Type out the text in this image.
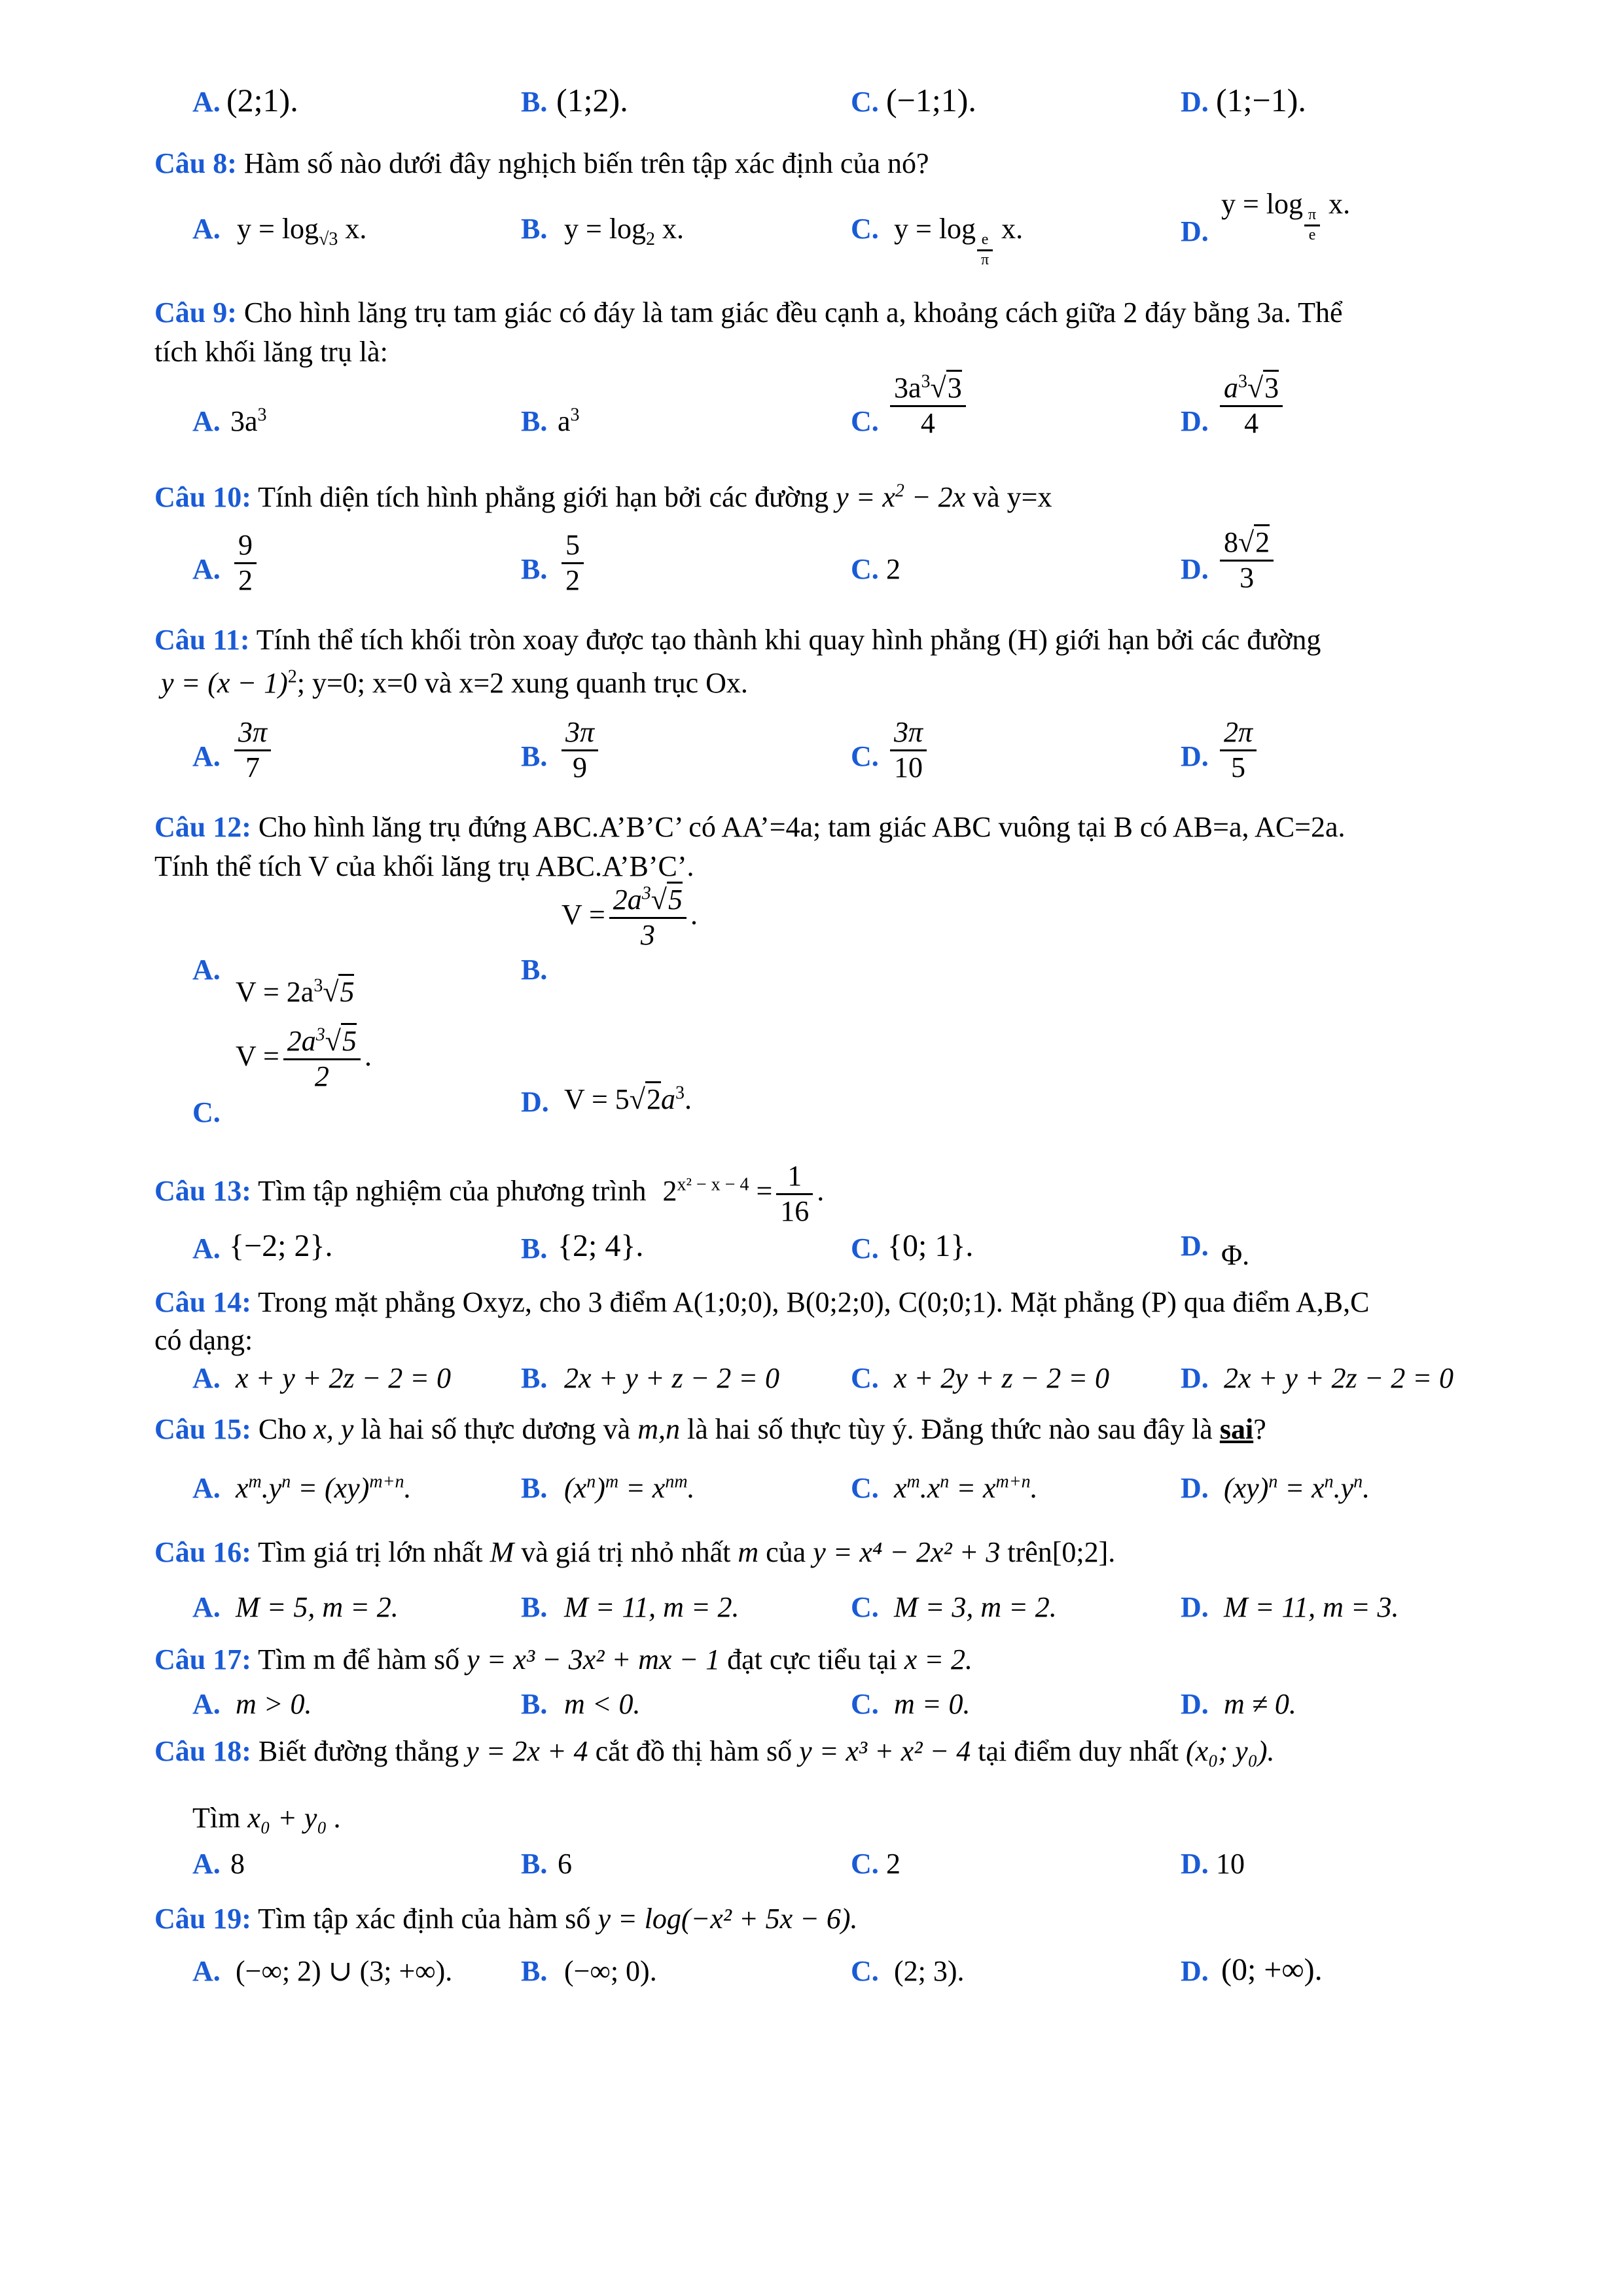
A. (2;1).	B. (1;2).	C. (−1;1).	D. (1;−1).
Câu 8: Hàm số nào dưới đây nghịch biến trên tập xác định của nó?
A. $y = \log_{√3} x$.	B. $y = \log_2 x$.	C. y = log
$\frac{e}{\pi}$
x.	D.
y = log
$\frac{\pi}{e}$
x.
Câu 9: Cho hình lăng trụ tam giác có đáy là tam giác đều cạnh a, khoảng cách giữa 2 đáy bằng 3a. Thể
tích khối lăng trụ là:
A. $3a^3$	B. $a^3$	C. $\frac{3a^3√3}{4}$	D. $\frac{a^3√3}{4}$
Câu 10: Tính diện tích hình phẳng giới hạn bởi các đường $y = x^2 - 2x$ và y=x
A. $\frac{9}{2}$	B. $\frac{5}{2}$	C. 2	D. $\frac{8√2}{3}$
Câu 11: Tính thể tích khối tròn xoay được tạo thành khi quay hình phẳng (H) giới hạn bởi các đường
$y = (x - 1)^2$; y=0; x=0 và x=2 xung quanh trục Ox.
A. $\frac{3\pi}{7}$	B. $\frac{3\pi}{9}$	C. $\frac{3\pi}{10}$	D. $\frac{2\pi}{5}$
Câu 12: Cho hình lăng trụ đứng ABC.A’B’C’ có AA’=4a; tam giác ABC vuông tại B có AB=a, AC=2a.
Tính thể tích V của khối lăng trụ ABC.A’B’C’.
A.
$V = 2a^3√5$
B.
$V = \frac{2a^3√5}{3}$ .
C.
$V = \frac{2a^3√5}{2}$ .
D. $V = 5√2a^3$.
Câu 13: Tìm tập nghiệm của phương trình $2^{x^2 - x - 4} = \frac{1}{16}$ .
A. {−2; 2}.	B. {2; 4}.	C. {0; 1}.	D. Φ.
Câu 14: Trong mặt phẳng Oxyz, cho 3 điểm A(1;0;0), B(0;2;0), C(0;0;1). Mặt phẳng (P) qua điểm A,B,C
có dạng:
A. x + y + 2z − 2 = 0 B. 2x + y + z − 2 = 0 C. x + 2y + z − 2 = 0 D. 2x + y + 2z − 2 = 0
Câu 15: Cho x, y là hai số thực dương và m,n là hai số thực tùy ý. Đẳng thức nào sau đây là sai?
A. $x^m.y^n = (xy)^{m+n}$.	B. $(x^n)^m = x^{nm}$.	C. $x^m.x^n = x^{m+n}$.	D. $(xy)^n = x^n.y^n$.
Câu 16: Tìm giá trị lớn nhất M và giá trị nhỏ nhất m của y = x⁴ − 2x² + 3 trên[0;2].
A. M = 5, m = 2.	B. M = 11, m = 2.	C. M = 3, m = 2.	D. M = 11, m = 3.
Câu 17: Tìm m để hàm số y = x³ − 3x² + mx − 1 đạt cực tiểu tại x = 2.
A. m > 0.	B. m < 0.	C. m = 0.	D. m ≠ 0.
Câu 18: Biết đường thẳng y = 2x + 4 cắt đồ thị hàm số y = x³ + x² − 4 tại điểm duy nhất (x₀; y₀).
Tìm x₀ + y₀ .
A. 8	B. 6	C. 2	D. 10
Câu 19: Tìm tập xác định của hàm số y = log(−x² + 5x − 6).
A. (−∞; 2) ∪ (3; +∞). B. (−∞; 0).	C. (2; 3).	D. (0; +∞).
